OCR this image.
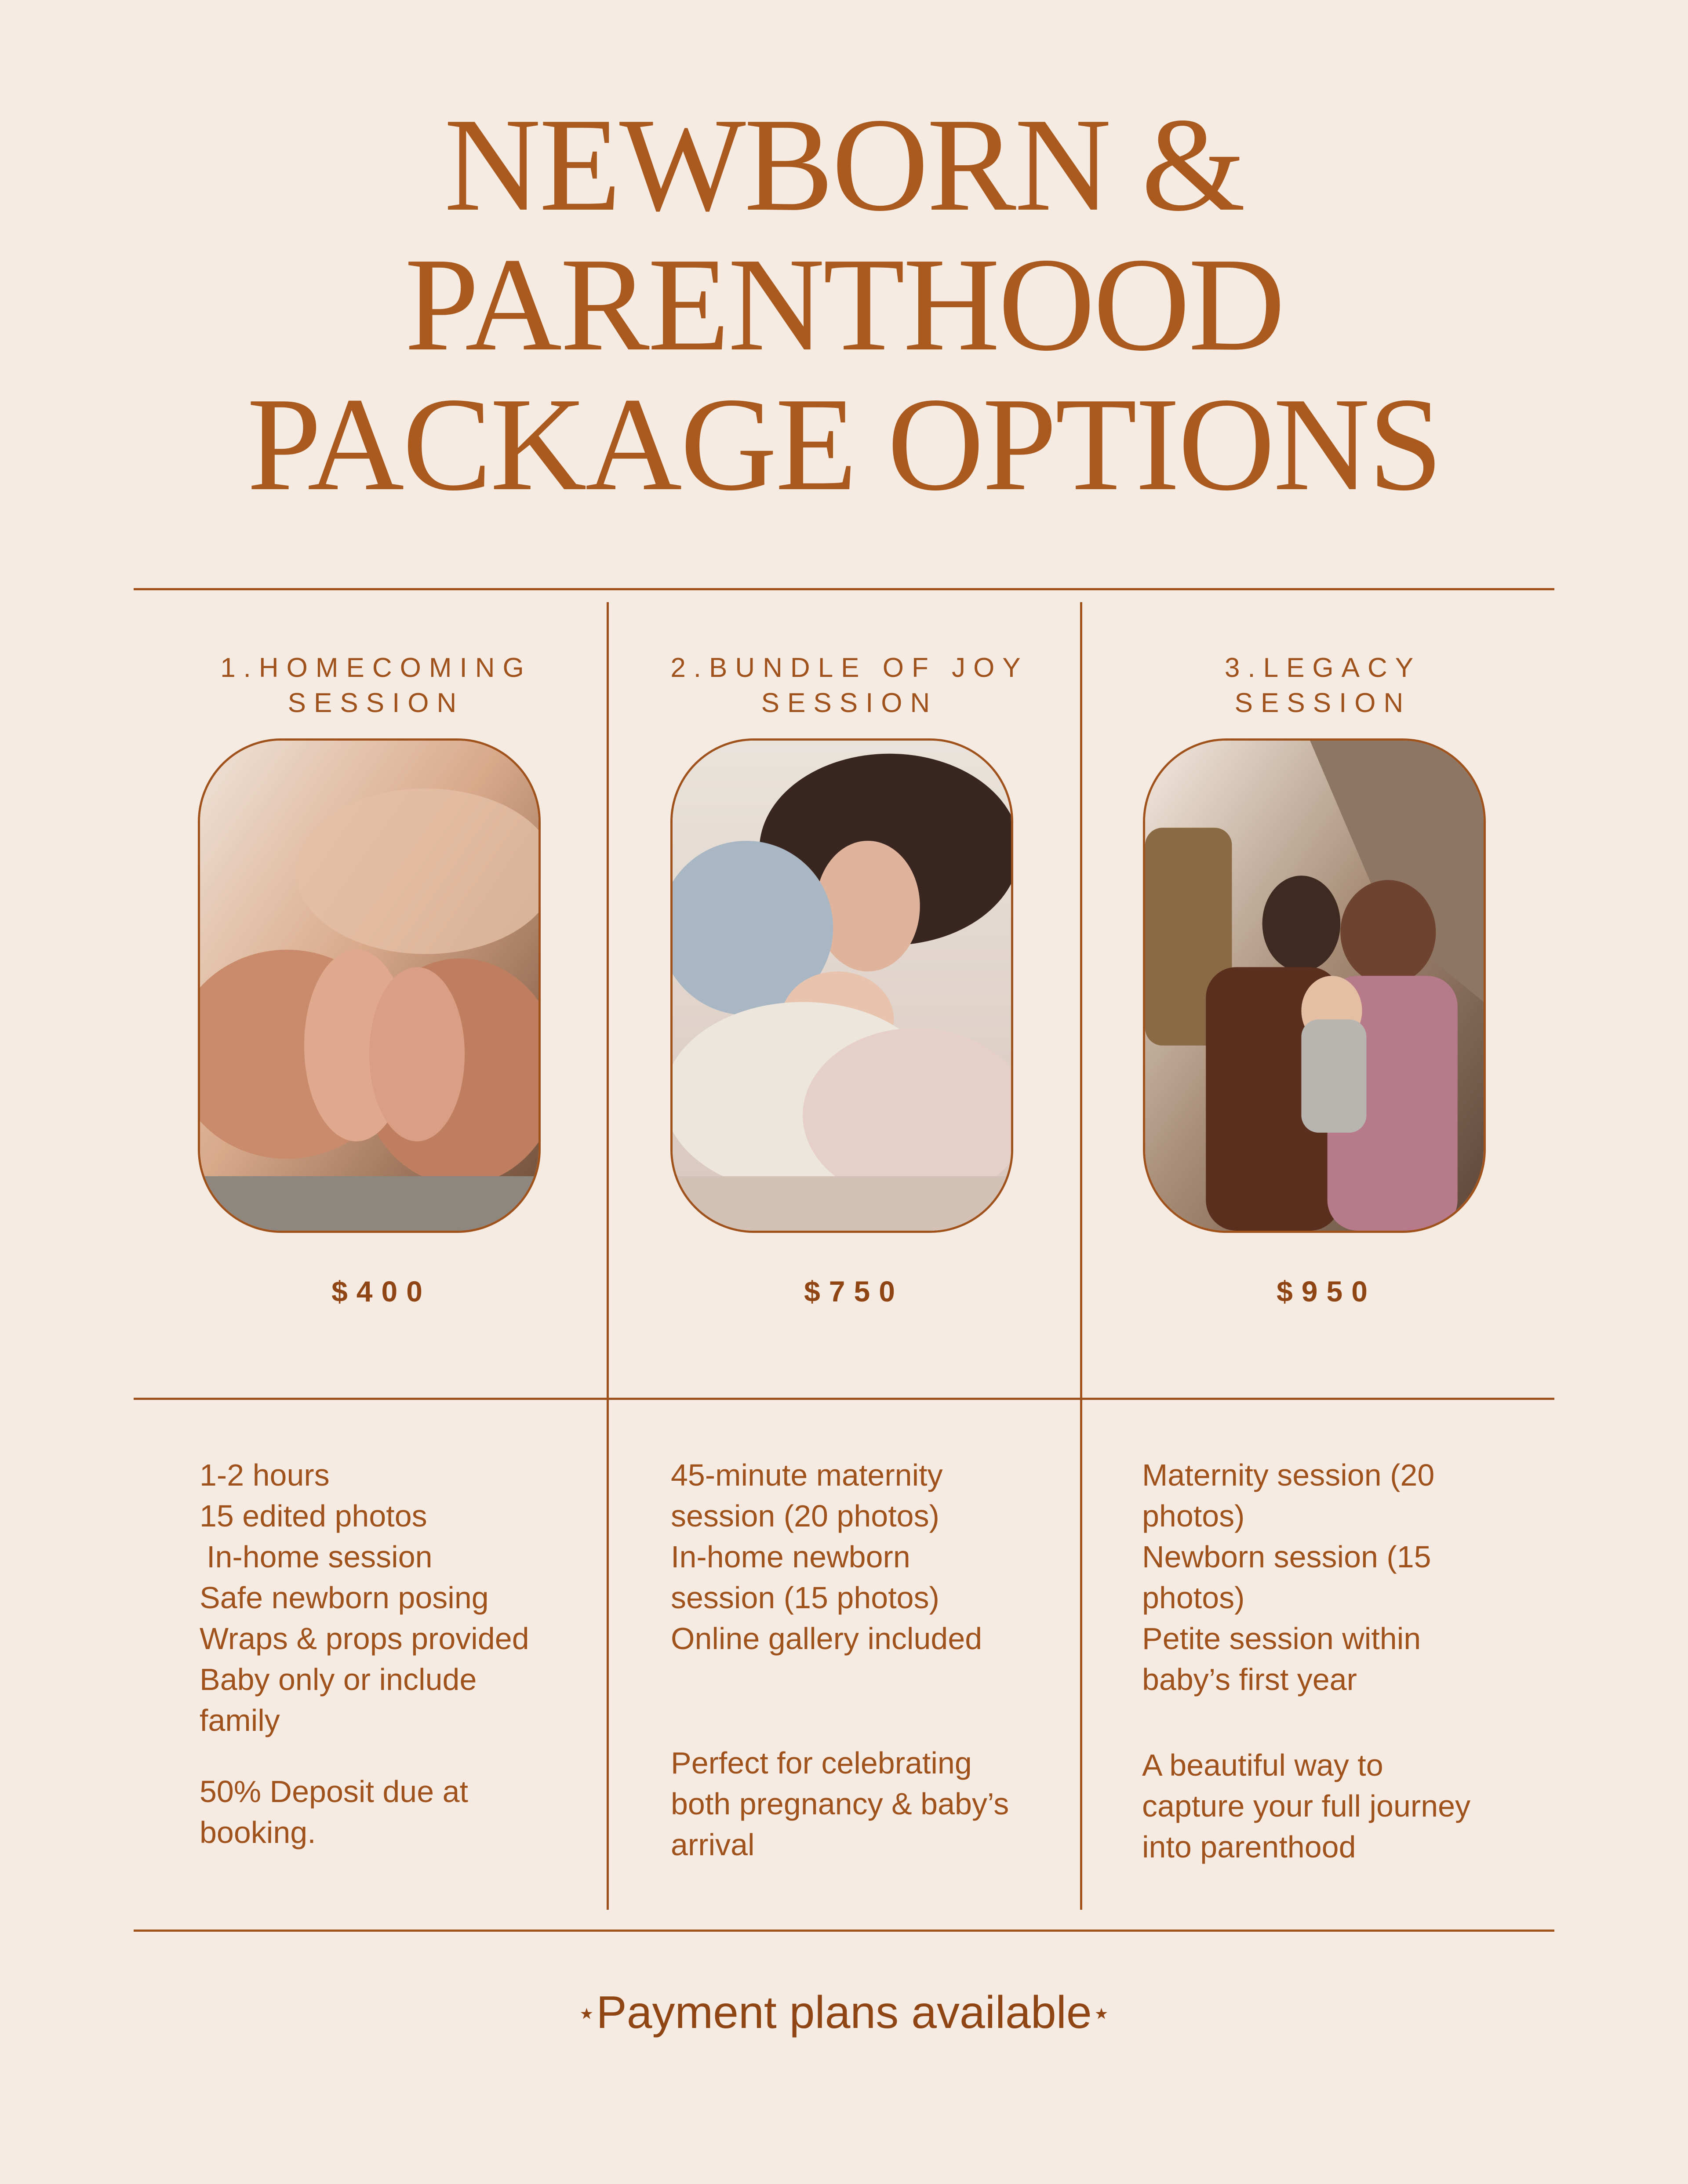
NEWBORN &
PARENTHOOD
PACKAGE OPTIONS
1.HOMECOMING
SESSION
$400
1-2 hours
15 edited photos
In-home session
Safe newborn posing
Wraps & props provided
Baby only or include
family
50% Deposit due at
booking.
2.BUNDLE OF JOY
SESSION
$750
45-minute maternity
session (20 photos)
In-home newborn
session (15 photos)
Online gallery included
Perfect for celebrating
both pregnancy & baby’s
arrival
3.LEGACY
SESSION
$950
Maternity session (20
photos)
Newborn session (15
photos)
Petite session within
baby’s first year
A beautiful way to
capture your full journey
into parenthood
⋆Payment plans available⋆
